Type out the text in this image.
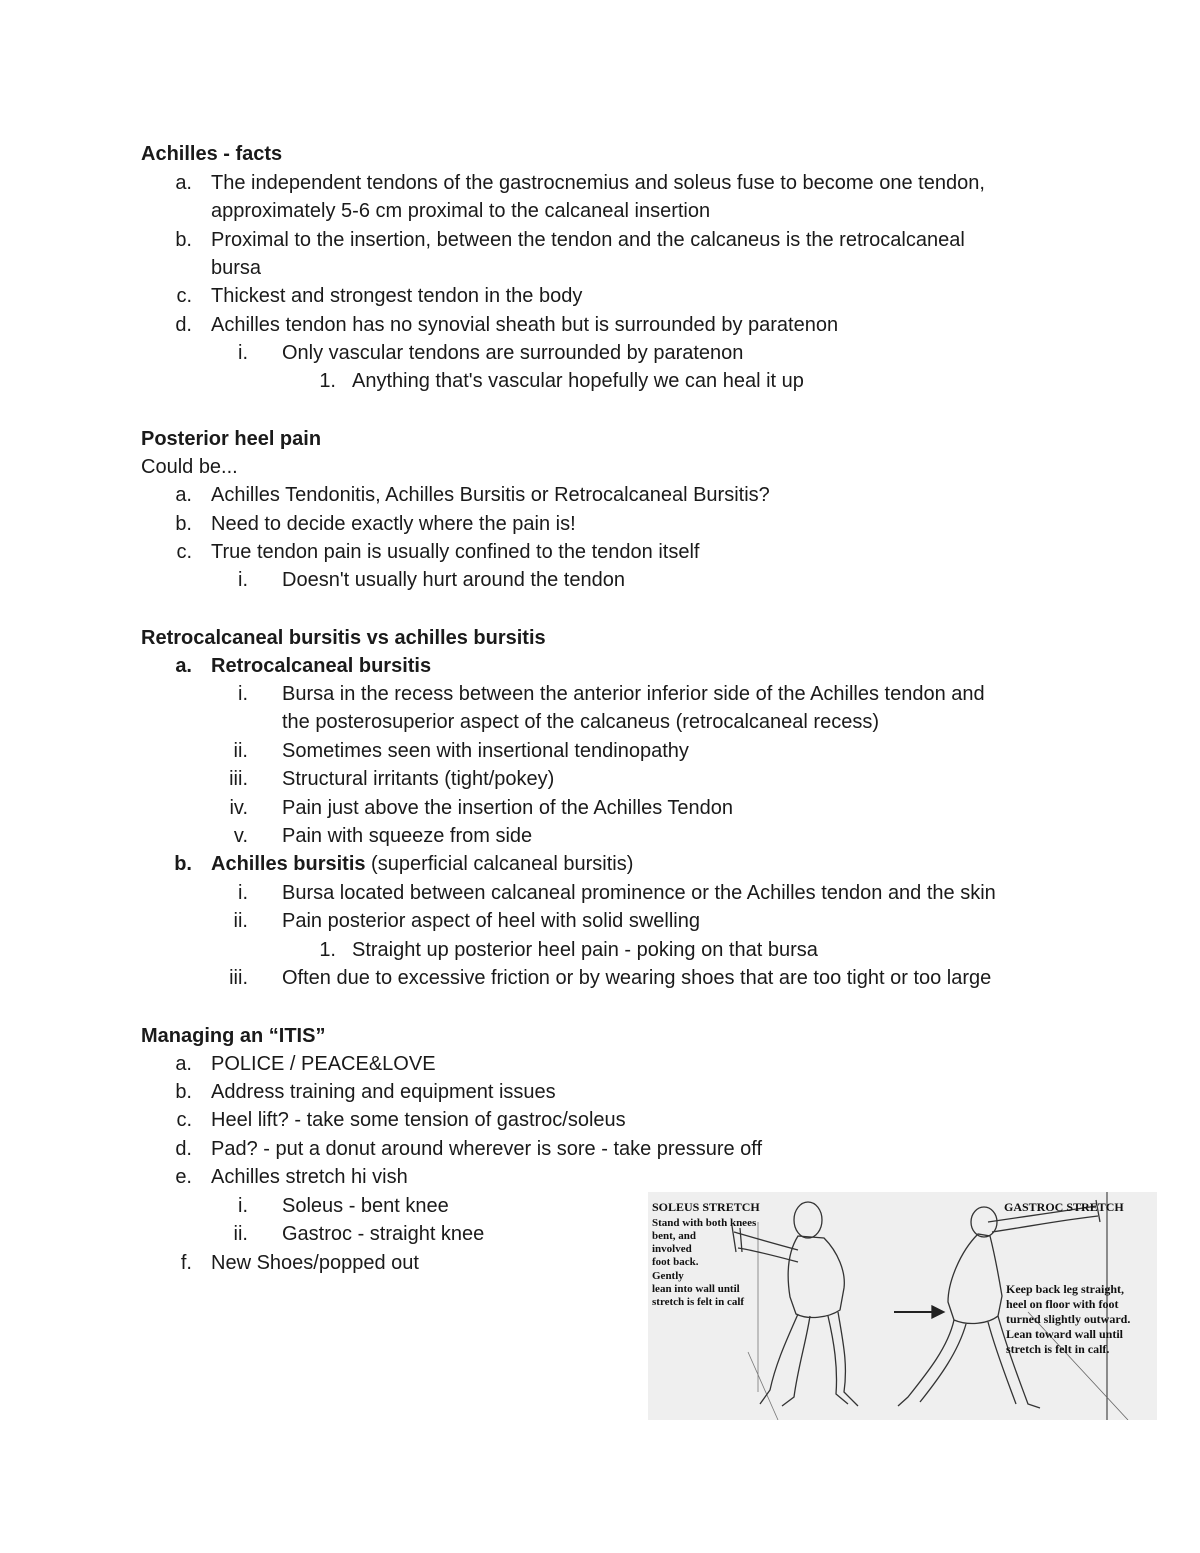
Achilles - facts
a. The independent tendons of the gastrocnemius and soleus fuse to become one tendon,
approximately 5-6 cm proximal to the calcaneal insertion
b. Proximal to the insertion, between the tendon and the calcaneus is the retrocalcaneal
bursa
c. Thickest and strongest tendon in the body
d. Achilles tendon has no synovial sheath but is surrounded by paratenon
i. Only vascular tendons are surrounded by paratenon
1. Anything that's vascular hopefully we can heal it up
Posterior heel pain
Could be...
a. Achilles Tendonitis, Achilles Bursitis or Retrocalcaneal Bursitis?
b. Need to decide exactly where the pain is!
c. True tendon pain is usually confined to the tendon itself
i. Doesn't usually hurt around the tendon
Retrocalcaneal bursitis vs achilles bursitis
a. Retrocalcaneal bursitis
i. Bursa in the recess between the anterior inferior side of the Achilles tendon and
the posterosuperior aspect of the calcaneus (retrocalcaneal recess)
ii. Sometimes seen with insertional tendinopathy
iii. Structural irritants (tight/pokey)
iv. Pain just above the insertion of the Achilles Tendon
v. Pain with squeeze from side
b. Achilles bursitis (superficial calcaneal bursitis)
i. Bursa located between calcaneal prominence or the Achilles tendon and the skin
ii. Pain posterior aspect of heel with solid swelling
1. Straight up posterior heel pain - poking on that bursa
iii. Often due to excessive friction or by wearing shoes that are too tight or too large
Managing an “ITIS”
a. POLICE / PEACE&LOVE
b. Address training and equipment issues
c. Heel lift? - take some tension of gastroc/soleus
d. Pad? - put a donut around wherever is sore - take pressure off
e. Achilles stretch hi vish
i. Soleus - bent knee
ii. Gastroc - straight knee
f. New Shoes/popped out
SOLEUS STRETCH
Stand with both knees
bent, and
involved
foot back.
Gently
lean into wall until
stretch is felt in calf
GASTROC STRETCH
Keep back leg straight,
heel on floor with foot
turned slightly outward.
Lean toward wall until
stretch is felt in calf.
